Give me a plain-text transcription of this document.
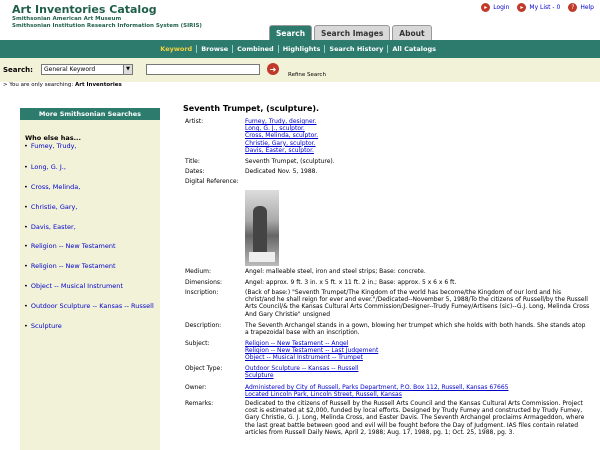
Art Inventories Catalog
Smithsonian American Art Museum
Smithsonian Institution Research Information System (SIRIS)
▸	Login	▸	My List - 0	? Help
Search	Search Images	About
Keyword	Browse	Combined	Highlights	Search History	All Catalogs
Search:	General Keyword	▼	➜
Refine Search
> You are only searching: Art Inventories
More Smithsonian Searches
Who else has...
• Fumey, Trudy,
• Long, G. J.,
• Cross, Melinda,
• Christie, Gary,
• Davis, Easter,
• Religion -- New Testament
• Religion -- New Testament
• Object -- Musical Instrument
• Outdoor Sculpture -- Kansas -- Russell
• Sculpture
Seventh Trumpet, (sculpture).
Artist:	Fumey, Trudy, designer.
Long, G. J., sculptor.
Cross, Melinda, sculptor.
Christie, Gary, sculptor.
Davis, Easter, sculptor.
Title:	Seventh Trumpet, (sculpture).
Dates:	Dedicated Nov. 5, 1988.
Digital Reference:
Medium:	Angel: malleable steel, iron and steel strips; Base: concrete.
Dimensions:	Angel: approx. 9 ft. 3 in. x 5 ft. x 11 ft. 2 in.; Base: approx. 5 x 6 x 6 ft.
Inscription:	(Back of base:) "Seventh Trumpet/The Kingdom of the world has become/the Kingdom of our lord and his christ/and he shall reign for ever and ever."/Dedicated--November 5, 1988/To the citizens of Russell/by the Russell Arts Council/& the Kansas Cultural Arts Commission/Designer--Trudy Fumey/Artisens (sic)--G.J. Long, Melinda Cross And Gary Christie" unsigned
Description:	The Seventh Archangel stands in a gown, blowing her trumpet which she holds with both hands. She stands atop a trapezoidal base with an inscription.
Subject:	Religion -- New Testament -- Angel
Religion -- New Testament -- Last Judgement
Object -- Musical Instrument -- Trumpet
Object Type:	Outdoor Sculpture -- Kansas -- Russell
Sculpture
Owner:	Administered by City of Russell, Parks Department, P.O. Box 112, Russell, Kansas 67665
Located Lincoln Park, Lincoln Street, Russell, Kansas
Remarks:	Dedicated to the citizens of Russell by the Russell Arts Council and the Kansas Cultural Arts Commission. Project cost is estimated at $2,000, funded by local efforts. Designed by Trudy Fumey and constructed by Trudy Fumey, Gary Christie, G. J. Long, Melinda Cross, and Easter Davis. The Seventh Archangel proclaims Armageddon, where the last great battle between good and evil will be fought before the Day of Judgment. IAS files contain related articles from Russell Daily News, April 2, 1988; Aug. 17, 1988, pg. 1; Oct. 25, 1988, pg. 3.
